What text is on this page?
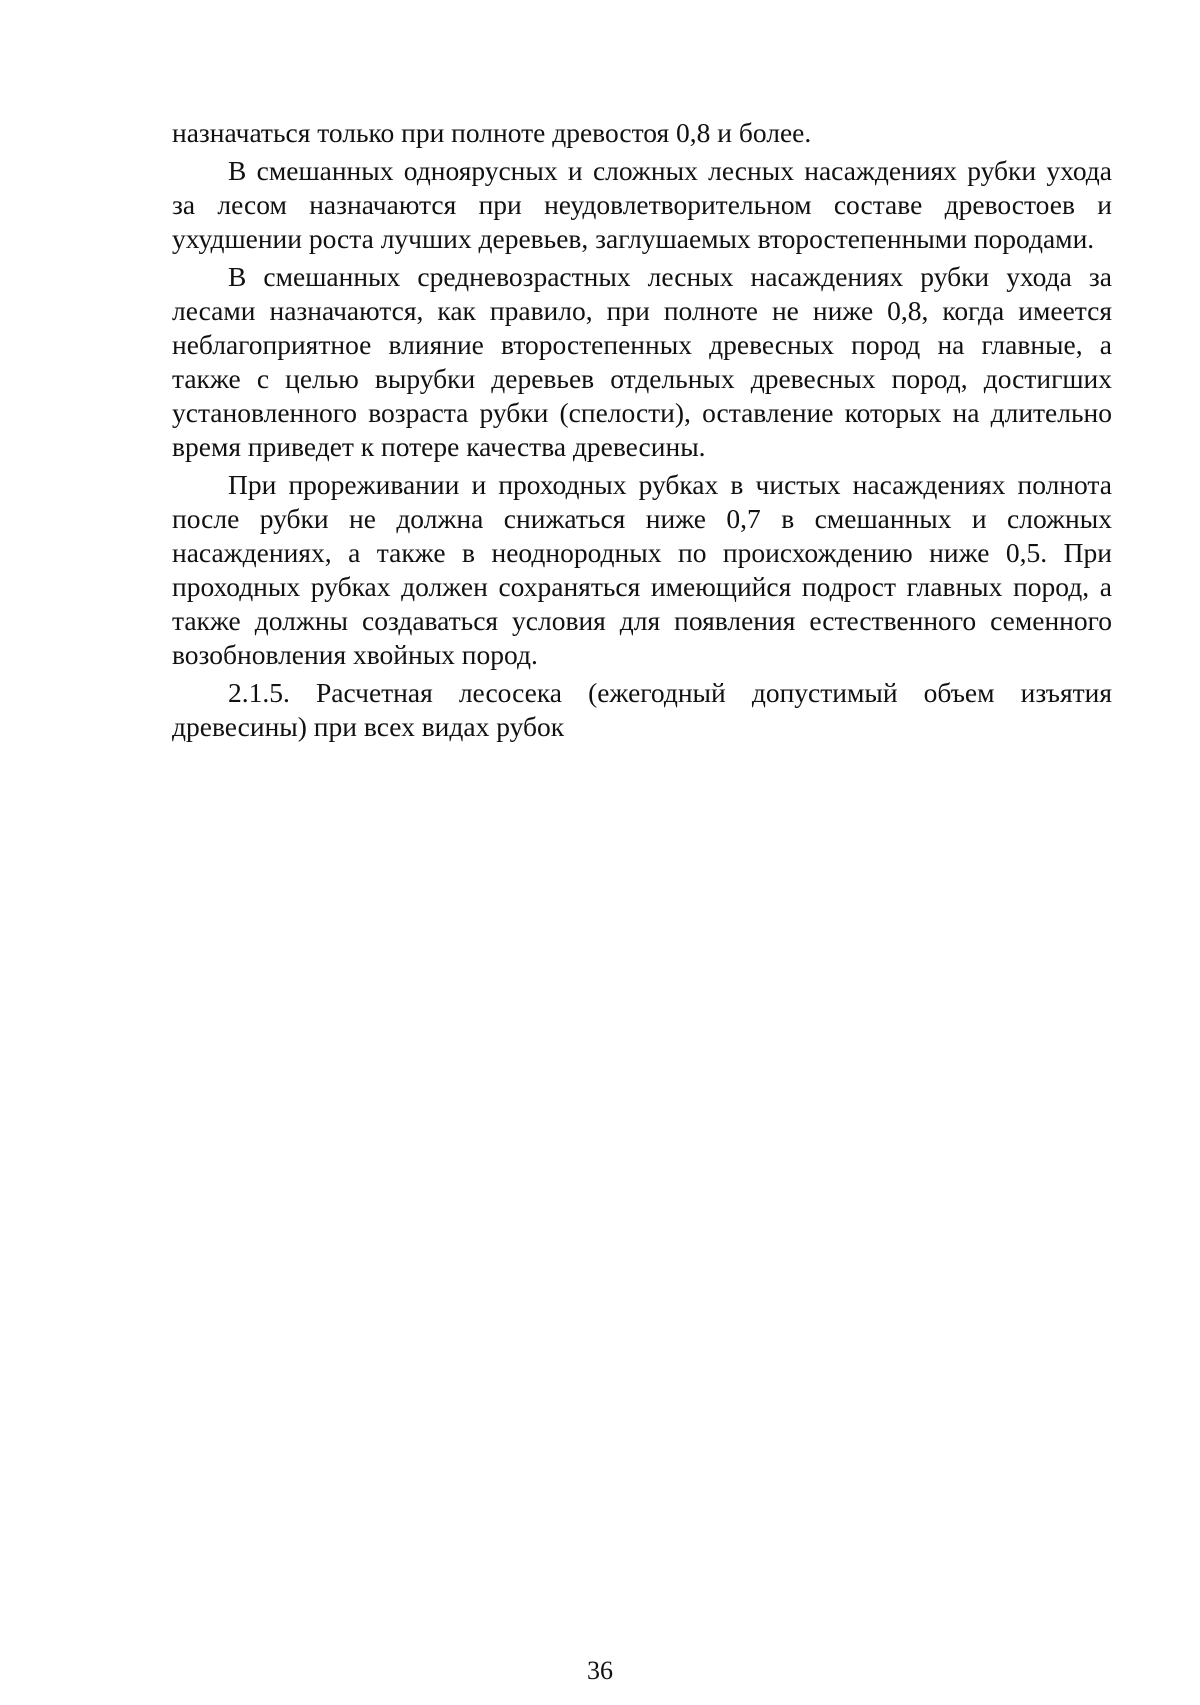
назначаться только при полноте древостоя 0,8 и более.

В смешанных одноярусных и сложных лесных насаждениях рубки ухода за лесом назначаются при неудовлетворительном составе древостоев и ухудшении роста лучших деревьев, заглушаемых второстепенными породами.

В смешанных средневозрастных лесных насаждениях рубки ухода за лесами назначаются, как правило, при полноте не ниже 0,8, когда имеется неблагоприятное влияние второстепенных древесных пород на главные, а также с целью вырубки деревьев отдельных древесных пород, достигших установленного возраста рубки (спелости), оставление которых на длительно время приведет к потере качества древесины.

При прореживании и проходных рубках в чистых насаждениях полнота после рубки не должна снижаться ниже 0,7 в смешанных и сложных насаждениях, а также в неоднородных по происхождению ниже 0,5. При проходных рубках должен сохраняться имеющийся подрост главных пород, а также должны создаваться условия для появления естественного семенного возобновления хвойных пород.

2.1.5. Расчетная лесосека (ежегодный допустимый объем изъятия древесины) при всех видах рубок

36
